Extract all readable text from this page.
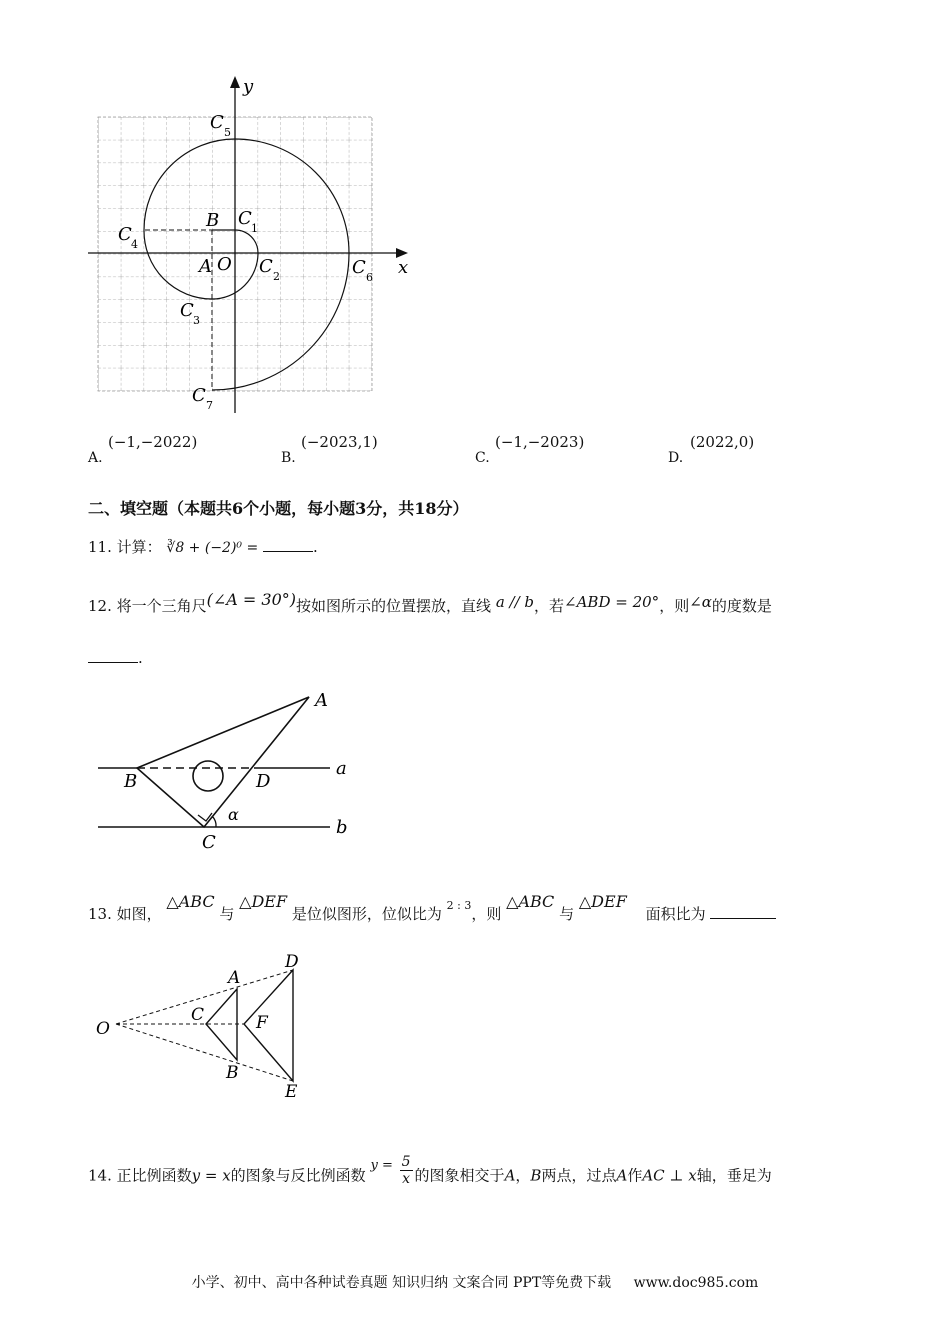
y
x
C 5
C 4
C 1
C 2
C 3
C 6
C 7
B
A O
A.
(−1,−2022)
B.
(−2023,1)
C.
(−1,−2023)
D.
(2022,0)
二、填空题（本题共6个小题，每小题3分，共18分）
11. 计算： ∛8 + (−2)⁰ =	.
12. 将一个三角尺(∠A = 30°)按如图所示的位置摆放，直线 a // b，若∠ABD = 20°，则∠α的度数是
.
A
B	D
a
b
C
α
13. 如图， △ABC 与 △DEF 是位似图形，位似比为 $^{2 : 3}$，则 △ABC 与 △DEF 面积比为
O
A
B
C
D
E
F
14. 正比例函数y = x的图象与反比例函数 $y = \frac{5}{x}$ 的图象相交于A，B两点，过点A作AC ⊥ x轴，垂足为
小学、初中、高中各种试卷真题 知识归纳 文案合同 PPT等免费下载 www.doc985.com
